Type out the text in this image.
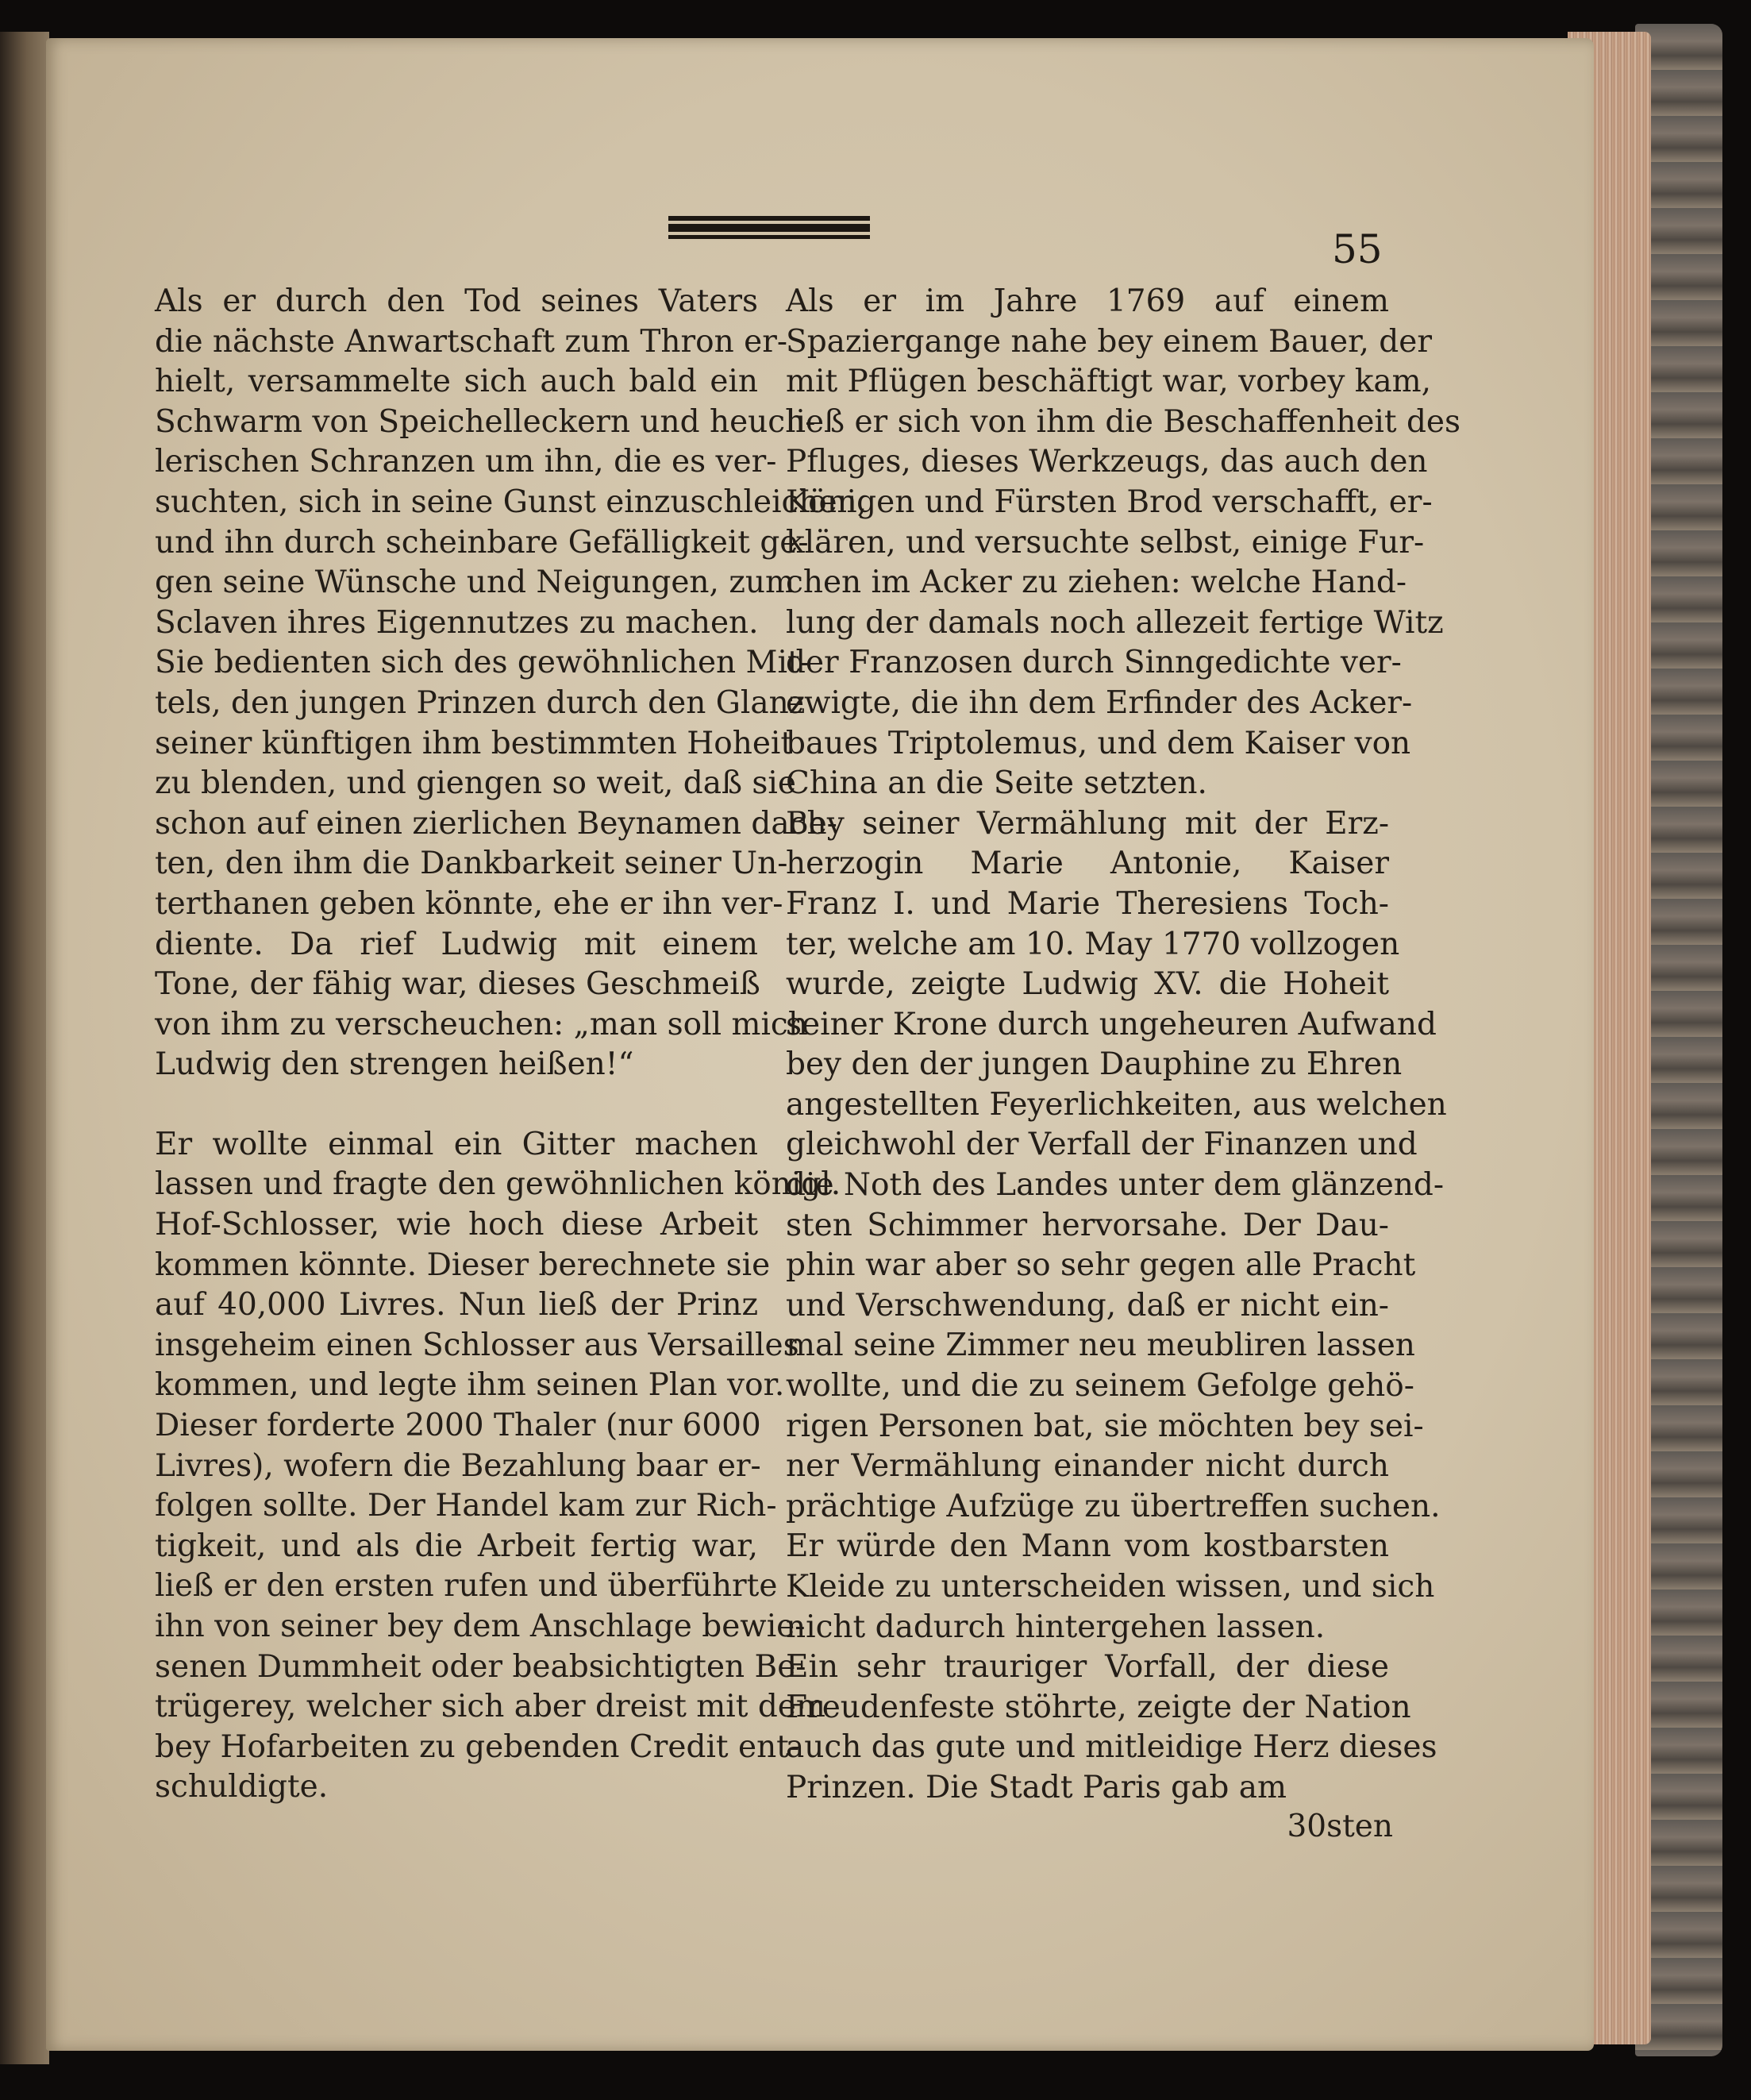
55
Als er durch den Tod seines Vaters
die nächste Anwartschaft zum Thron er-
hielt, versammelte sich auch bald ein
Schwarm von Speichelleckern und heuch-
lerischen Schranzen um ihn, die es ver-
suchten, sich in seine Gunst einzuschleichen,
und ihn durch scheinbare Gefälligkeit ge-
gen seine Wünsche und Neigungen, zum
Sclaven ihres Eigennutzes zu machen.
Sie bedienten sich des gewöhnlichen Mit-
tels, den jungen Prinzen durch den Glanz
seiner künftigen ihm bestimmten Hoheit
zu blenden, und giengen so weit, daß sie
schon auf einen zierlichen Beynamen dach-
ten, den ihm die Dankbarkeit seiner Un-
terthanen geben könnte, ehe er ihn ver-
diente. Da rief Ludwig mit einem
Tone, der fähig war, dieses Geschmeiß
von ihm zu verscheuchen: „man soll mich
Ludwig den strengen heißen!“
Er wollte einmal ein Gitter machen
lassen und fragte den gewöhnlichen königl.
Hof-Schlosser, wie hoch diese Arbeit
kommen könnte. Dieser berechnete sie
auf 40,000 Livres. Nun ließ der Prinz
insgeheim einen Schlosser aus Versailles
kommen, und legte ihm seinen Plan vor.
Dieser forderte 2000 Thaler (nur 6000
Livres), wofern die Bezahlung baar er-
folgen sollte. Der Handel kam zur Rich-
tigkeit, und als die Arbeit fertig war,
ließ er den ersten rufen und überführte
ihn von seiner bey dem Anschlage bewie-
senen Dummheit oder beabsichtigten Be-
trügerey, welcher sich aber dreist mit dem
bey Hofarbeiten zu gebenden Credit ent-
schuldigte.
Als er im Jahre 1769 auf einem
Spaziergange nahe bey einem Bauer, der
mit Pflügen beschäftigt war, vorbey kam,
ließ er sich von ihm die Beschaffenheit des
Pfluges, dieses Werkzeugs, das auch den
Königen und Fürsten Brod verschafft, er-
klären, und versuchte selbst, einige Fur-
chen im Acker zu ziehen: welche Hand-
lung der damals noch allezeit fertige Witz
der Franzosen durch Sinngedichte ver-
ewigte, die ihn dem Erfinder des Acker-
baues Triptolemus, und dem Kaiser von
China an die Seite setzten.
Bey seiner Vermählung mit der Erz-
herzogin Marie Antonie, Kaiser
Franz I. und Marie Theresiens Toch-
ter, welche am 10. May 1770 vollzogen
wurde, zeigte Ludwig XV. die Hoheit
seiner Krone durch ungeheuren Aufwand
bey den der jungen Dauphine zu Ehren
angestellten Feyerlichkeiten, aus welchen
gleichwohl der Verfall der Finanzen und
die Noth des Landes unter dem glänzend-
sten Schimmer hervorsahe. Der Dau-
phin war aber so sehr gegen alle Pracht
und Verschwendung, daß er nicht ein-
mal seine Zimmer neu meubliren lassen
wollte, und die zu seinem Gefolge gehö-
rigen Personen bat, sie möchten bey sei-
ner Vermählung einander nicht durch
prächtige Aufzüge zu übertreffen suchen.
Er würde den Mann vom kostbarsten
Kleide zu unterscheiden wissen, und sich
nicht dadurch hintergehen lassen.
Ein sehr trauriger Vorfall, der diese
Freudenfeste stöhrte, zeigte der Nation
auch das gute und mitleidige Herz dieses
Prinzen. Die Stadt Paris gab am
30sten
